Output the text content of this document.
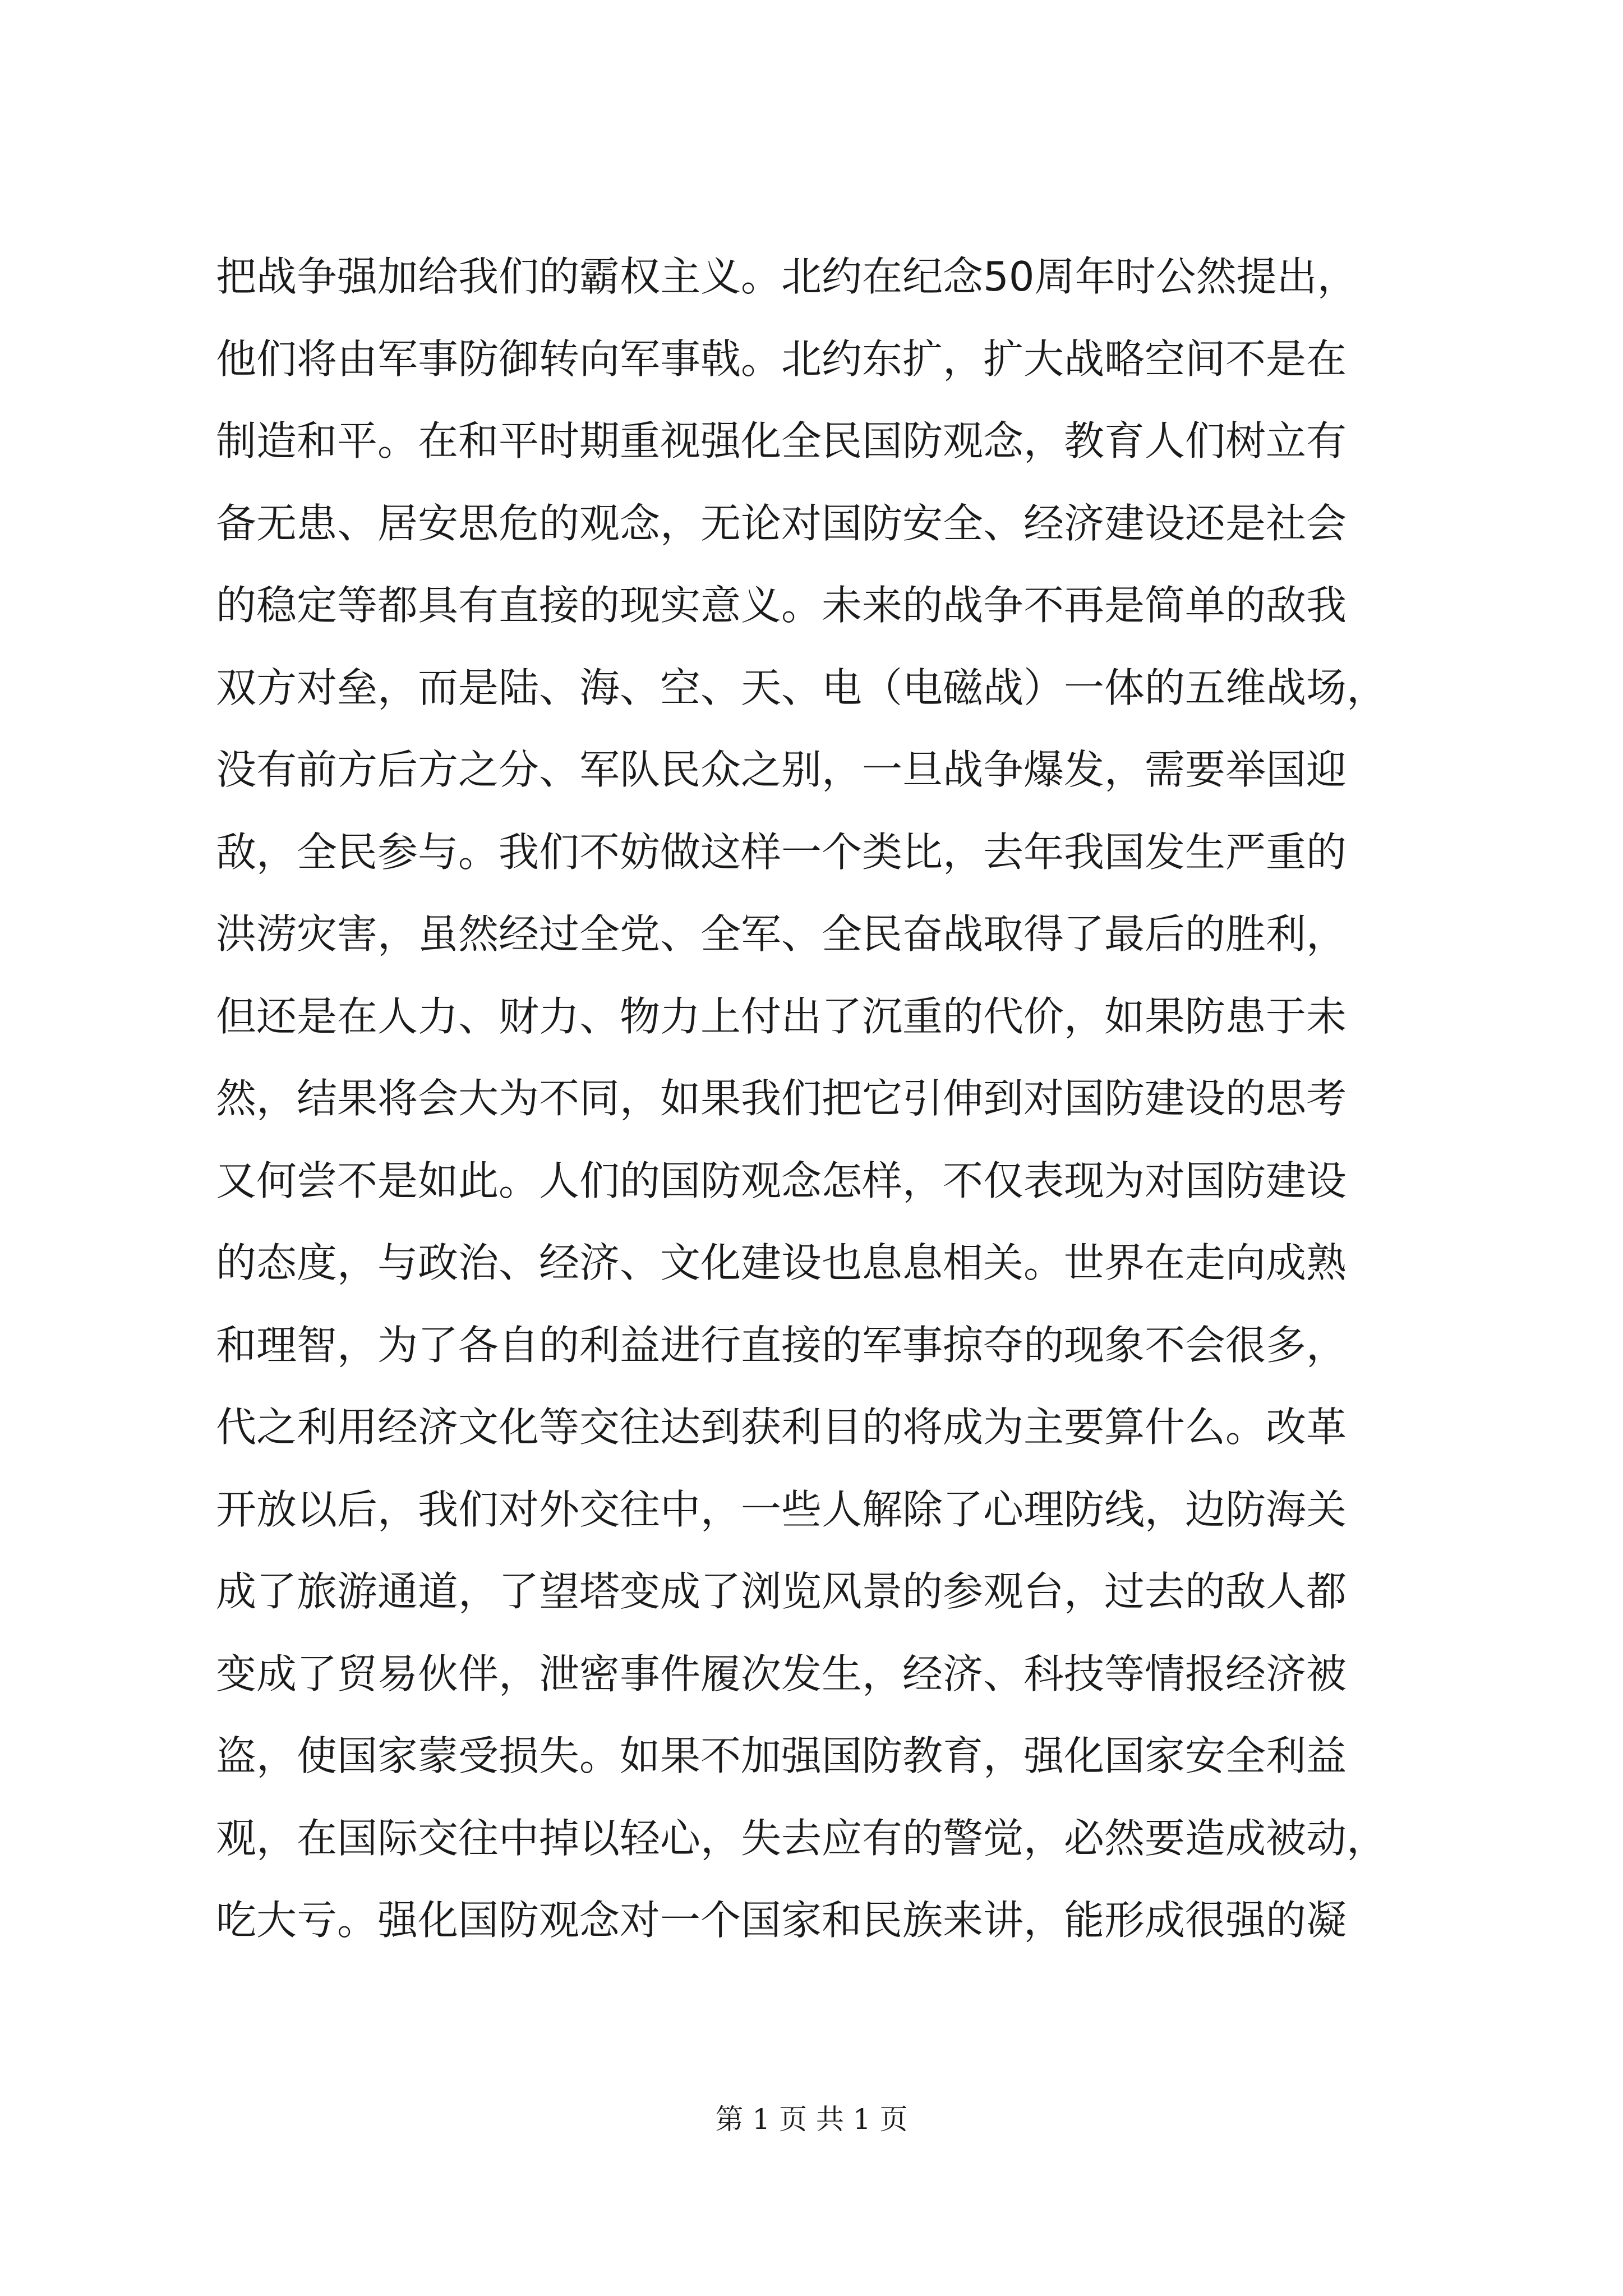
把战争强加给我们的霸权主义。北约在纪念50周年时公然提出，
他们将由军事防御转向军事戟。北约东扩，扩大战略空间不是在
制造和平。在和平时期重视强化全民国防观念，教育人们树立有
备无患、居安思危的观念，无论对国防安全、经济建设还是社会
的稳定等都具有直接的现实意义。未来的战争不再是简单的敌我
双方对垒，而是陆、海、空、天、电（电磁战）一体的五维战场，
没有前方后方之分、军队民众之别，一旦战争爆发，需要举国迎
敌，全民参与。我们不妨做这样一个类比，去年我国发生严重的
洪涝灾害，虽然经过全党、全军、全民奋战取得了最后的胜利，
但还是在人力、财力、物力上付出了沉重的代价，如果防患于未
然，结果将会大为不同，如果我们把它引伸到对国防建设的思考
又何尝不是如此。人们的国防观念怎样，不仅表现为对国防建设
的态度，与政治、经济、文化建设也息息相关。世界在走向成熟
和理智，为了各自的利益进行直接的军事掠夺的现象不会很多，
代之利用经济文化等交往达到获利目的将成为主要算什么。改革
开放以后，我们对外交往中，一些人解除了心理防线，边防海关
成了旅游通道，了望塔变成了浏览风景的参观台，过去的敌人都
变成了贸易伙伴，泄密事件履次发生，经济、科技等情报经济被
盗，使国家蒙受损失。如果不加强国防教育，强化国家安全利益
观，在国际交往中掉以轻心，失去应有的警觉，必然要造成被动，
吃大亏。强化国防观念对一个国家和民族来讲，能形成很强的凝
第 1 页 共 1 页
